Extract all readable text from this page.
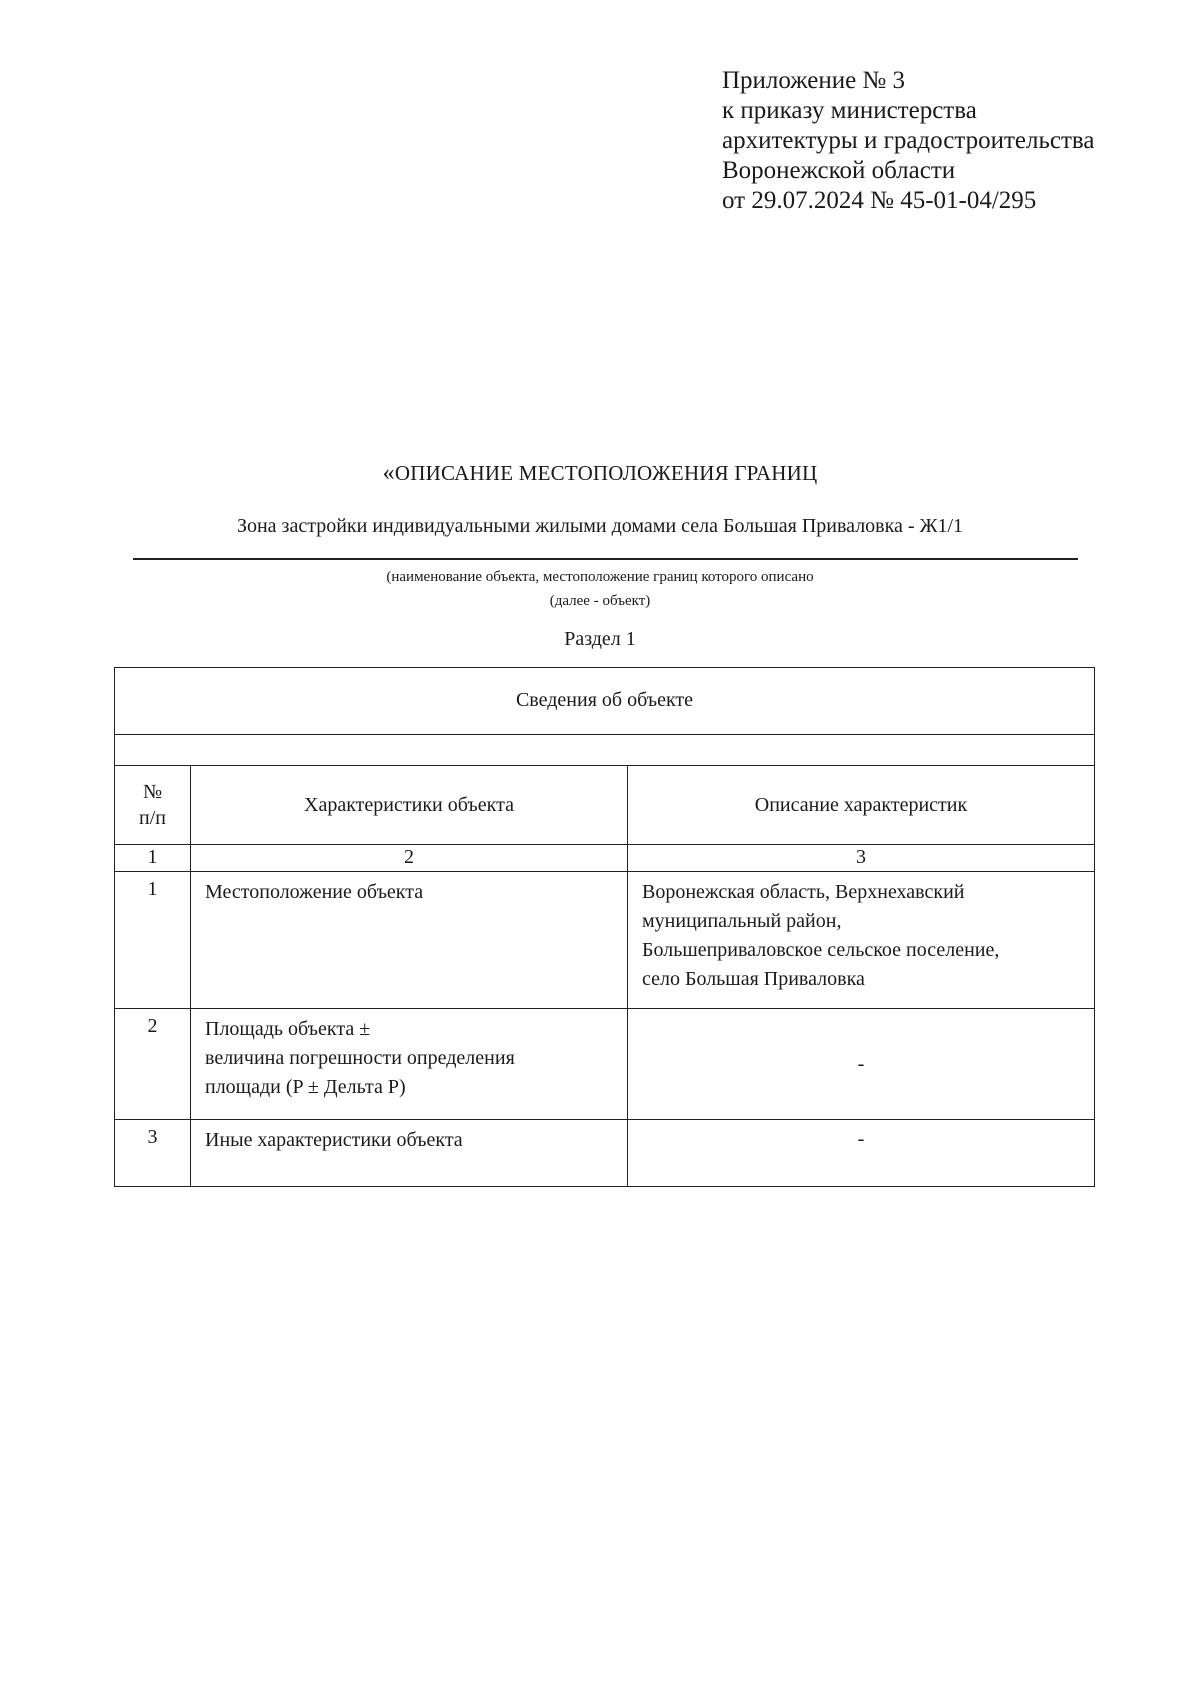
Приложение № 3
к приказу министерства
архитектуры и градостроительства
Воронежской области
от 29.07.2024 № 45-01-04/295
«ОПИСАНИЕ МЕСТОПОЛОЖЕНИЯ ГРАНИЦ
Зона застройки индивидуальными жилыми домами села Большая Приваловка - Ж1/1
(наименование объекта, местоположение границ которого описано
(далее - объект)
Раздел 1
Сведения об объекте		

№
п/п	Характеристики объекта	Описание характеристик
1	2	3
1	Местоположение объекта	Воронежская область, Верхнехавский
муниципальный район,
Большеприваловское сельское поселение,
село Большая Приваловка

2	Площадь объекта ±
величина погрешности определения
площади (P ± Дельта P)	-
3	Иные характеристики объекта	-
